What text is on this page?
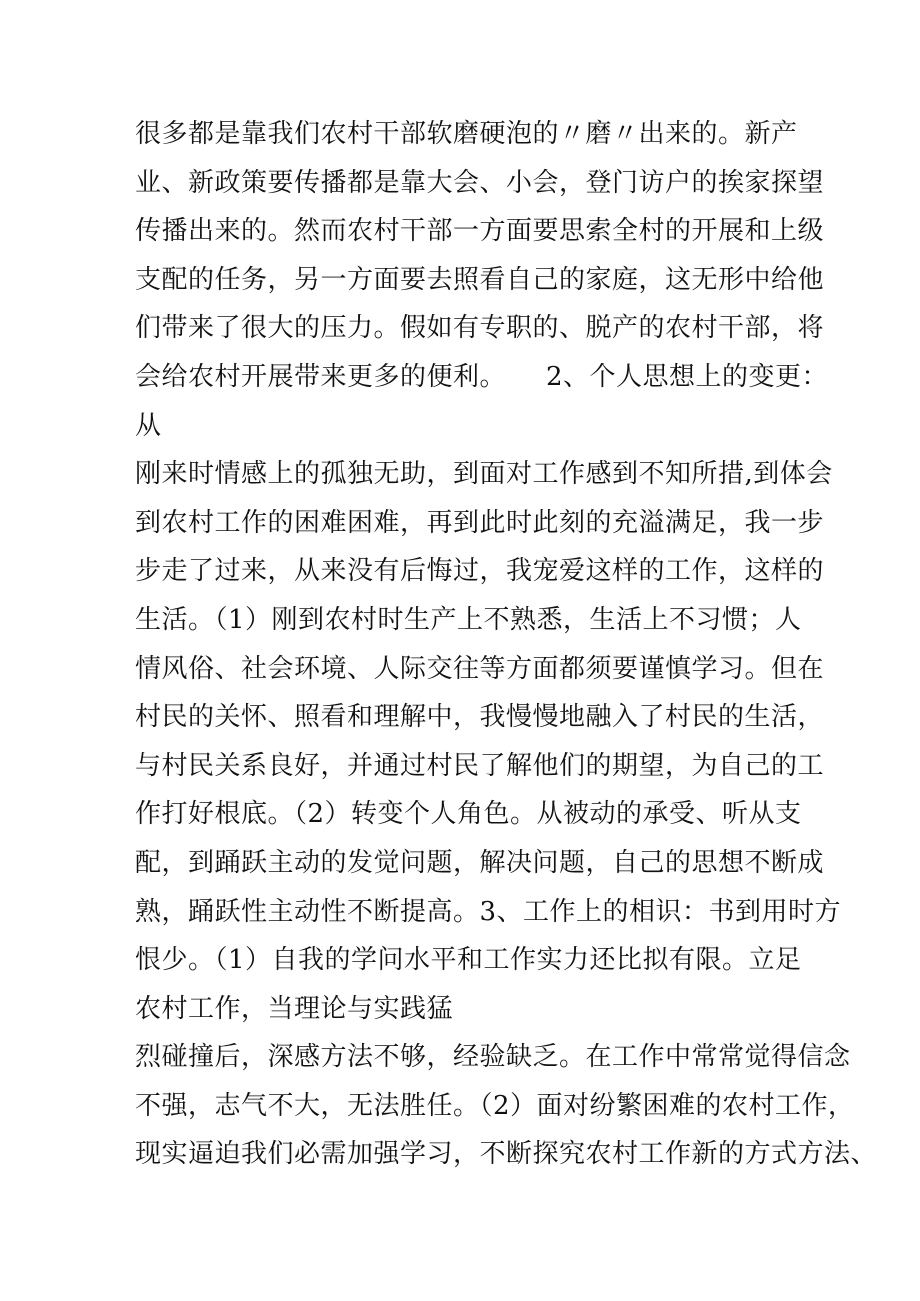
很多都是靠我们农村干部软磨硬泡的〃磨〃出来的。新产
业、新政策要传播都是靠大会、小会，登门访户的挨家探望
传播出来的。然而农村干部一方面要思索全村的开展和上级
支配的任务，另一方面要去照看自己的家庭，这无形中给他
们带来了很大的压力。假如有专职的、脱产的农村干部，将
会给农村开展带来更多的便利。　　2、个人思想上的变更：
从
刚来时情感上的孤独无助，到面对工作感到不知所措,到体会
到农村工作的困难困难，再到此时此刻的充溢满足，我一步
步走了过来，从来没有后悔过，我宠爱这样的工作，这样的
生活。（1）刚到农村时生产上不熟悉，生活上不习惯；人
情风俗、社会环境、人际交往等方面都须要谨慎学习。但在
村民的关怀、照看和理解中，我慢慢地融入了村民的生活，
与村民关系良好，并通过村民了解他们的期望，为自己的工
作打好根底。（2）转变个人角色。从被动的承受、听从支
配，到踊跃主动的发觉问题，解决问题，自己的思想不断成
熟，踊跃性主动性不断提高。3、工作上的相识：书到用时方
恨少。（1）自我的学问水平和工作实力还比拟有限。立足
农村工作，当理论与实践猛
烈碰撞后，深感方法不够，经验缺乏。在工作中常常觉得信念
不强，志气不大，无法胜任。（2）面对纷繁困难的农村工作，
现实逼迫我们必需加强学习，不断探究农村工作新的方式方法、
